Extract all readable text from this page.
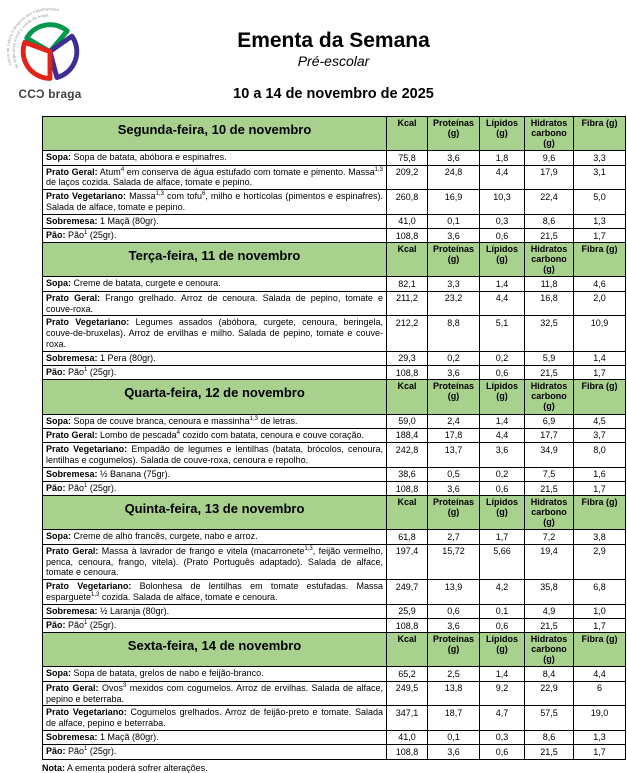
centro de cultura e desporto dos trabalhadores
da segurança social e saúde de braga
CCƆ braga
Ementa da Semana
Pré-escolar
10 a 14 de novembro de 2025
Segunda-feira, 10 de novembro	Kcal	Proteínas (g)	Lípidos (g)	Hidratos carbono (g)	Fibra (g)
Sopa: Sopa de batata, abóbora e espinafres.	75,8	3,6	1,8	9,6	3,3
Prato Geral: Atum$^4$ em conserva de água estufado com tomate e pimento. Massa$^{1,3}$ de laços cozida. Salada de alface, tomate e pepino.	209,2	24,8	4,4	17,9	3,1
Prato Vegetariano: Massa$^{1,3}$ com tofu$^6$, milho e hortícolas (pimentos e espinafres). Salada de alface, tomate e pepino.	260,8	16,9	10,3	22,4	5,0
Sobremesa: 1 Maçã (80gr).	41,0	0,1	0,3	8,6	1,3
Pão: Pão$^1$ (25gr).	108,8	3,6	0,6	21,5	1,7
Terça-feira, 11 de novembro	Kcal	Proteínas (g)	Lípidos (g)	Hidratos carbono (g)	Fibra (g)
Sopa: Creme de batata, curgete e cenoura.	82,1	3,3	1,4	11,8	4,6
Prato Geral: Frango grelhado. Arroz de cenoura. Salada de pepino, tomate e couve-roxa.	211,2	23,2	4,4	16,8	2,0
Prato Vegetariano: Legumes assados (abóbora, curgete, cenoura, beringela, couve-de-bruxelas). Arroz de ervilhas e milho. Salada de pepino, tomate e couve-roxa.	212,2	8,8	5,1	32,5	10,9
Sobremesa: 1 Pera (80gr).	29,3	0,2	0,2	5,9	1,4
Pão: Pão$^1$ (25gr).	108,8	3,6	0,6	21,5	1,7
Quarta-feira, 12 de novembro	Kcal	Proteínas (g)	Lípidos (g)	Hidratos carbono (g)	Fibra (g)
Sopa: Sopa de couve branca, cenoura e massinha$^{1,3}$ de letras.	59,0	2,4	1,4	6,9	4,5
Prato Geral: Lombo de pescada$^4$ cozido com batata, cenoura e couve coração.	188,4	17,8	4,4	17,7	3,7
Prato Vegetariano: Empadão de legumes e lentilhas (batata, brócolos, cenoura, lentilhas e cogumelos). Salada de couve-roxa, cenoura e repolho.	242,8	13,7	3,6	34,9	8,0
Sobremesa: ½ Banana (75gr).	38,6	0,5	0,2	7,5	1,6
Pão: Pão$^1$ (25gr).	108,8	3,6	0,6	21,5	1,7
Quinta-feira, 13 de novembro	Kcal	Proteínas (g)	Lípidos (g)	Hidratos carbono (g)	Fibra (g)
Sopa: Creme de alho francês, curgete, nabo e arroz.	61,8	2,7	1,7	7,2	3,8
Prato Geral: Massa à lavrador de frango e vitela (macarronete$^{1,3}$, feijão vermelho, penca, cenoura, frango, vitela). (Prato Português adaptado). Salada de alface, tomate e cenoura.	197,4	15,72	5,66	19,4	2,9
Prato Vegetariano: Bolonhesa de lentilhas em tomate estufadas. Massa esparguete$^{1,3}$ cozida. Salada de alface, tomate e cenoura.	249,7	13,9	4,2	35,8	6,8
Sobremesa: ½ Laranja (80gr).	25,9	0,6	0,1	4,9	1,0
Pão: Pão$^1$ (25gr).	108,8	3,6	0,6	21,5	1,7
Sexta-feira, 14 de novembro	Kcal	Proteínas (g)	Lípidos (g)	Hidratos carbono (g)	Fibra (g)
Sopa: Sopa de batata, grelos de nabo e feijão-branco.	65,2	2,5	1,4	8,4	4,4
Prato Geral: Ovos$^3$ mexidos com cogumelos. Arroz de ervilhas. Salada de alface, pepino e beterraba.	249,5	13,8	9,2	22,9	6
Prato Vegetariano: Cogumelos grelhados. Arroz de feijão-preto e tomate. Salada de alface, pepino e beterraba.	347,1	18,7	4,7	57,5	19,0
Sobremesa: 1 Maçã (80gr).	41,0	0,1	0,3	8,6	1,3
Pão: Pão$^1$ (25gr).	108,8	3,6	0,6	21,5	1,7
Nota: A ementa poderá sofrer alterações.
